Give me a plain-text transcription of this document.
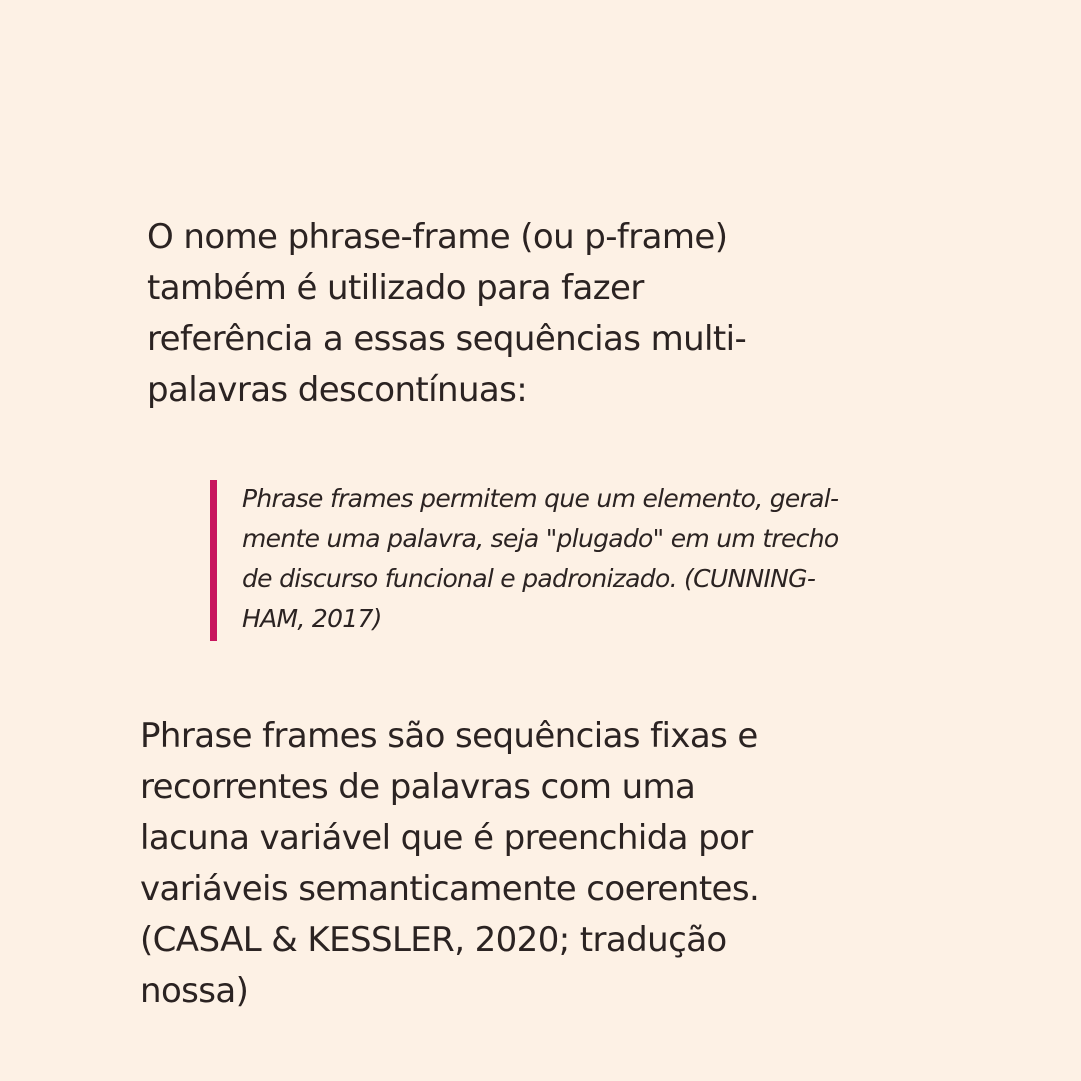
O nome phrase-frame (ou p-frame)
também é utilizado para fazer
referência a essas sequências multi-
palavras descontínuas:
Phrase frames permitem que um elemento, geral-
mente uma palavra, seja "plugado" em um trecho
de discurso funcional e padronizado. (CUNNING-
HAM, 2017)
Phrase frames são sequências fixas e
recorrentes de palavras com uma
lacuna variável que é preenchida por
variáveis semanticamente coerentes.
(CASAL & KESSLER, 2020; tradução
nossa)
